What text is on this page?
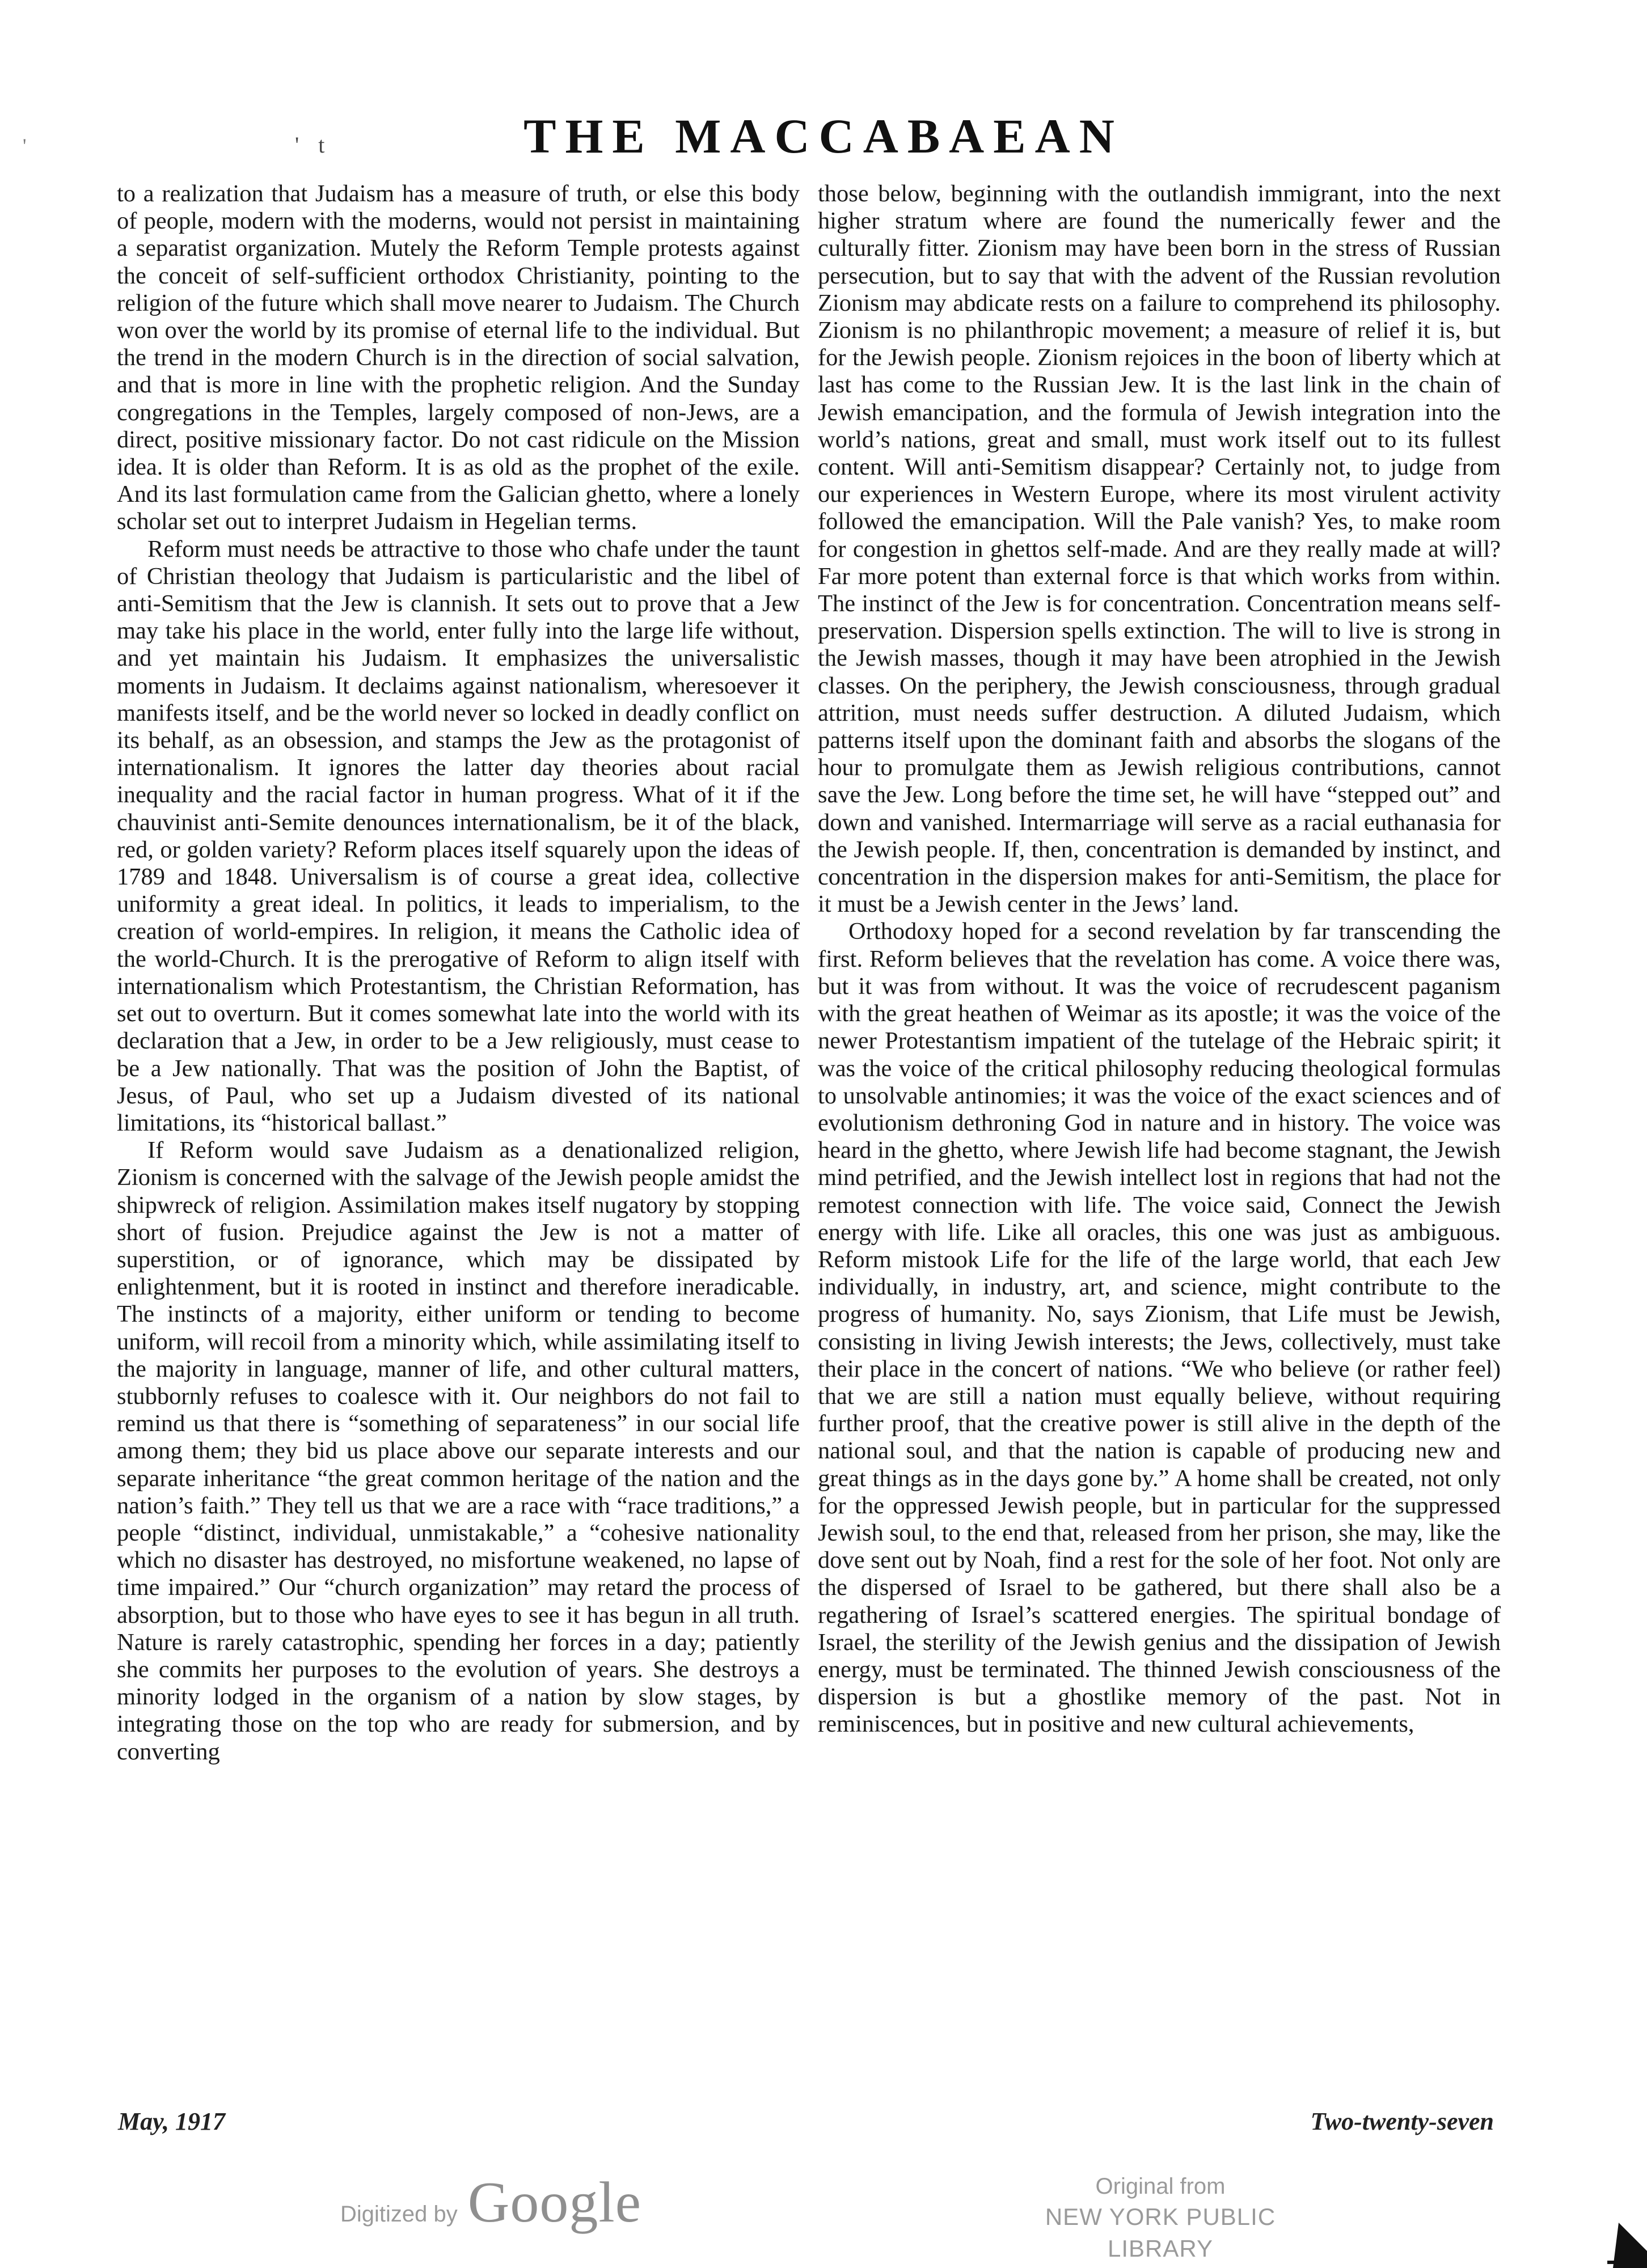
'	' t	THE MACCABAEAN

to a realization that Judaism has a measure of truth, or else this body of people, modern with the moderns, would not persist in maintaining a separatist organization. Mutely the Reform Temple protests against the conceit of self-sufficient orthodox Christianity, pointing to the religion of the future which shall move nearer to Judaism. The Church won over the world by its promise of eternal life to the individual. But the trend in the modern Church is in the direction of social salvation, and that is more in line with the prophetic religion. And the Sunday congregations in the Temples, largely composed of non-Jews, are a direct, positive missionary factor. Do not cast ridicule on the Mission idea. It is older than Reform. It is as old as the prophet of the exile. And its last formulation came from the Galician ghetto, where a lonely scholar set out to interpret Judaism in Hegelian terms.

Reform must needs be attractive to those who chafe under the taunt of Christian theology that Judaism is particularistic and the libel of anti-Semitism that the Jew is clannish. It sets out to prove that a Jew may take his place in the world, enter fully into the large life without, and yet maintain his Judaism. It emphasizes the universalistic moments in Judaism. It declaims against nationalism, wheresoever it manifests itself, and be the world never so locked in deadly conflict on its behalf, as an obsession, and stamps the Jew as the protagonist of internationalism. It ignores the latter day theories about racial inequality and the racial factor in human progress. What of it if the chauvinist anti-Semite denounces internationalism, be it of the black, red, or golden variety? Reform places itself squarely upon the ideas of 1789 and 1848. Universalism is of course a great idea, collective uniformity a great ideal. In politics, it leads to imperialism, to the creation of world-empires. In religion, it means the Catholic idea of the world-Church. It is the prerogative of Reform to align itself with internationalism which Protestantism, the Christian Reformation, has set out to overturn. But it comes somewhat late into the world with its declaration that a Jew, in order to be a Jew religiously, must cease to be a Jew nationally. That was the position of John the Baptist, of Jesus, of Paul, who set up a Judaism divested of its national limitations, its “historical ballast.”

If Reform would save Judaism as a denationalized religion, Zionism is concerned with the salvage of the Jewish people amidst the shipwreck of religion. Assimilation makes itself nugatory by stopping short of fusion. Prejudice against the Jew is not a matter of superstition, or of ignorance, which may be dissipated by enlightenment, but it is rooted in instinct and therefore ineradicable. The instincts of a majority, either uniform or tending to become uniform, will recoil from a minority which, while assimilating itself to the majority in language, manner of life, and other cultural matters, stubbornly refuses to coalesce with it. Our neighbors do not fail to remind us that there is “something of separateness” in our social life among them; they bid us place above our separate interests and our separate inheritance “the great common heritage of the nation and the nation’s faith.” They tell us that we are a race with “race traditions,” a people “distinct, individual, unmistakable,” a “cohesive nationality which no disaster has destroyed, no misfortune weakened, no lapse of time impaired.” Our “church organization” may retard the process of absorption, but to those who have eyes to see it has begun in all truth. Nature is rarely catastrophic, spending her forces in a day; patiently she commits her purposes to the evolution of years. She destroys a minority lodged in the organism of a nation by slow stages, by integrating those on the top who are ready for submersion, and by converting

those below, beginning with the outlandish immigrant, into the next higher stratum where are found the numerically fewer and the culturally fitter. Zionism may have been born in the stress of Russian persecution, but to say that with the advent of the Russian revolution Zionism may abdicate rests on a failure to comprehend its philosophy. Zionism is no philanthropic movement; a measure of relief it is, but for the Jewish people. Zionism rejoices in the boon of liberty which at last has come to the Russian Jew. It is the last link in the chain of Jewish emancipation, and the formula of Jewish integration into the world’s nations, great and small, must work itself out to its fullest content. Will anti-Semitism disappear? Certainly not, to judge from our experiences in Western Europe, where its most virulent activity followed the emancipation. Will the Pale vanish? Yes, to make room for congestion in ghettos self-made. And are they really made at will? Far more potent than external force is that which works from within. The instinct of the Jew is for concentration. Concentration means self-preservation. Dispersion spells extinction. The will to live is strong in the Jewish masses, though it may have been atrophied in the Jewish classes. On the periphery, the Jewish consciousness, through gradual attrition, must needs suffer destruction. A diluted Judaism, which patterns itself upon the dominant faith and absorbs the slogans of the hour to promulgate them as Jewish religious contributions, cannot save the Jew. Long before the time set, he will have “stepped out” and down and vanished. Intermarriage will serve as a racial euthanasia for the Jewish people. If, then, concentration is demanded by instinct, and concentration in the dispersion makes for anti-Semitism, the place for it must be a Jewish center in the Jews’ land.

Orthodoxy hoped for a second revelation by far transcending the first. Reform believes that the revelation has come. A voice there was, but it was from without. It was the voice of recrudescent paganism with the great heathen of Weimar as its apostle; it was the voice of the newer Protestantism impatient of the tutelage of the Hebraic spirit; it was the voice of the critical philosophy reducing theological formulas to unsolvable antinomies; it was the voice of the exact sciences and of evolutionism dethroning God in nature and in history. The voice was heard in the ghetto, where Jewish life had become stagnant, the Jewish mind petrified, and the Jewish intellect lost in regions that had not the remotest connection with life. The voice said, Connect the Jewish energy with life. Like all oracles, this one was just as ambiguous. Reform mistook Life for the life of the large world, that each Jew individually, in industry, art, and science, might contribute to the progress of humanity. No, says Zionism, that Life must be Jewish, consisting in living Jewish interests; the Jews, collectively, must take their place in the concert of nations. “We who believe (or rather feel) that we are still a nation must equally believe, without requiring further proof, that the creative power is still alive in the depth of the national soul, and that the nation is capable of producing new and great things as in the days gone by.” A home shall be created, not only for the oppressed Jewish people, but in particular for the suppressed Jewish soul, to the end that, released from her prison, she may, like the dove sent out by Noah, find a rest for the sole of her foot. Not only are the dispersed of Israel to be gathered, but there shall also be a regathering of Israel’s scattered energies. The spiritual bondage of Israel, the sterility of the Jewish genius and the dissipation of Jewish energy, must be terminated. The thinned Jewish consciousness of the dispersion is but a ghostlike memory of the past. Not in reminiscences, but in positive and new cultural achievements,

May, 1917	Two-twenty-seven
Digitized by Google	Original from
NEW YORK PUBLIC LIBRARY
